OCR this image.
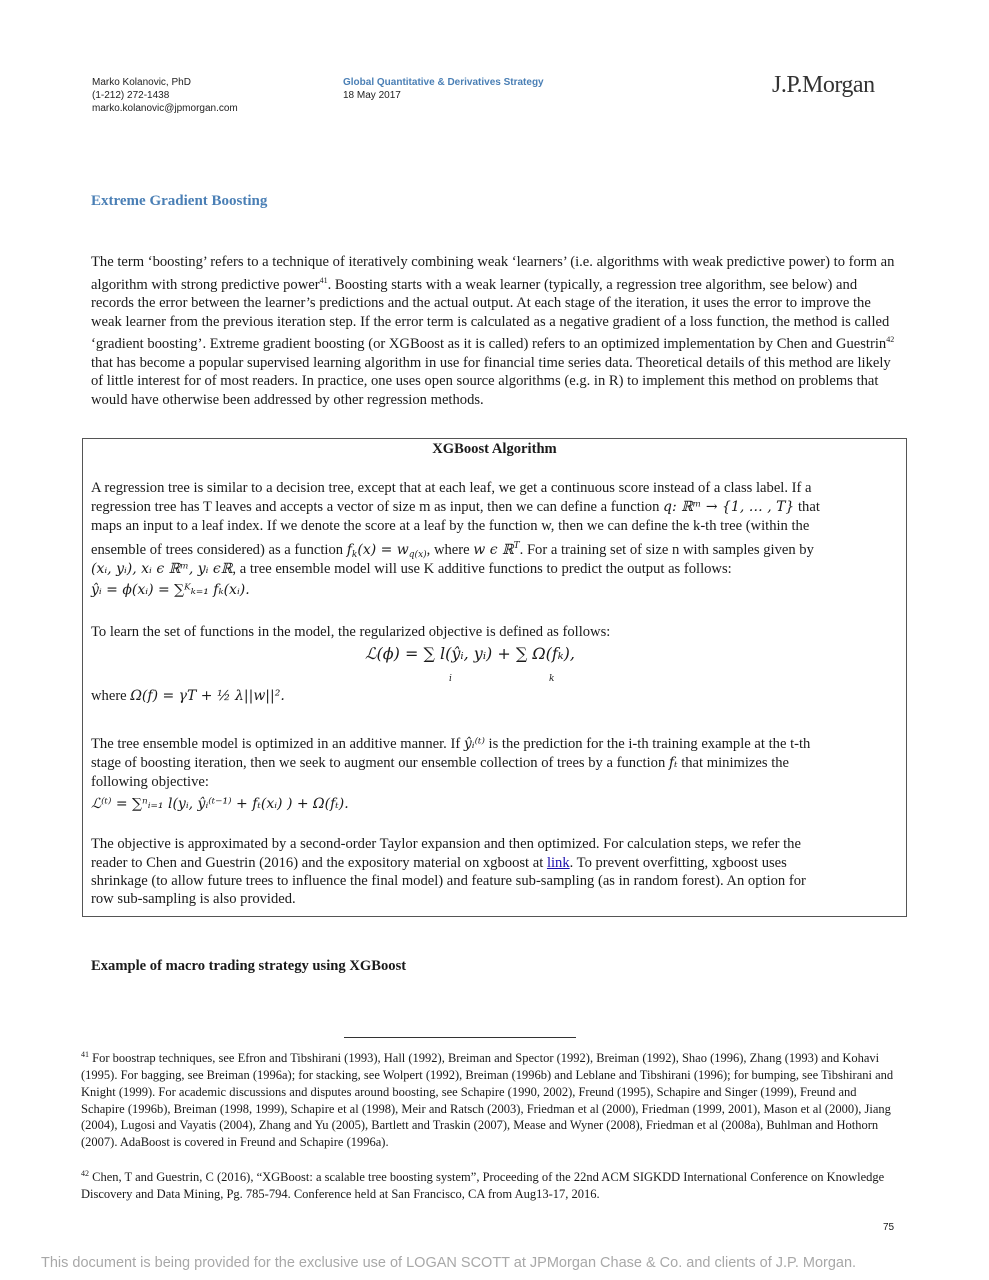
Marko Kolanovic, PhD
(1-212) 272-1438
marko.kolanovic@jpmorgan.com
Global Quantitative & Derivatives Strategy
18 May 2017	J.P.Morgan
Extreme Gradient Boosting
The term ‘boosting’ refers to a technique of iteratively combining weak ‘learners’ (i.e. algorithms with weak predictive power) to form an algorithm with strong predictive power$^{41}$. Boosting starts with a weak learner (typically, a regression tree algorithm, see below) and records the error between the learner’s predictions and the actual output. At each stage of the iteration, it uses the error to improve the weak learner from the previous iteration step. If the error term is calculated as a negative gradient of a loss function, the method is called ‘gradient boosting’. Extreme gradient boosting (or XGBoost as it is called) refers to an optimized implementation by Chen and Guestrin$^{42}$ that has become a popular supervised learning algorithm in use for financial time series data. Theoretical details of this method are likely of little interest for of most readers. In practice, one uses open source algorithms (e.g. in R) to implement this method on problems that would have otherwise been addressed by other regression methods.
XGBoost Algorithm
A regression tree is similar to a decision tree, except that at each leaf, we get a continuous score instead of a class label. If a
regression tree has T leaves and accepts a vector of size m as input, then we can define a function q: ℝᵐ → {1, … , T} that
maps an input to a leaf index. If we denote the score at a leaf by the function w, then we can define the k-th tree (within the
ensemble of trees considered) as a function $f_k(x) = w_{q(x)}$, where w ϵ ℝ$^T$. For a training set of size n with samples given by
(xᵢ, yᵢ), xᵢ ϵ ℝᵐ, yᵢ ϵℝ, a tree ensemble model will use K additive functions to predict the output as follows:
ŷᵢ = ϕ(xᵢ) = ∑ᴷₖ₌₁ fₖ(xᵢ).
To learn the set of functions in the model, the regularized objective is defined as follows:
ℒ(ϕ) = ∑ l(ŷᵢ, yᵢ) + ∑ Ω(fₖ),
i	k
where Ω(f) = γT + ½ λ||w||².
The tree ensemble model is optimized in an additive manner. If ŷᵢ⁽ᵗ⁾ is the prediction for the i-th training example at the t-th
stage of boosting iteration, then we seek to augment our ensemble collection of trees by a function fₜ that minimizes the
following objective:
ℒ⁽ᵗ⁾ = ∑ⁿᵢ₌₁ l(yᵢ, ŷᵢ⁽ᵗ⁻¹⁾ + fₜ(xᵢ) ) + Ω(fₜ).
The objective is approximated by a second-order Taylor expansion and then optimized. For calculation steps, we refer the
reader to Chen and Guestrin (2016) and the expository material on xgboost at link. To prevent overfitting, xgboost uses
shrinkage (to allow future trees to influence the final model) and feature sub-sampling (as in random forest). An option for
row sub-sampling is also provided.
Example of macro trading strategy using XGBoost
$^{41}$ For boostrap techniques, see Efron and Tibshirani (1993), Hall (1992), Breiman and Spector (1992), Breiman (1992), Shao (1996), Zhang (1993) and Kohavi (1995). For bagging, see Breiman (1996a); for stacking, see Wolpert (1992), Breiman (1996b) and Leblane and Tibshirani (1996); for bumping, see Tibshirani and Knight (1999). For academic discussions and disputes around boosting, see Schapire (1990, 2002), Freund (1995), Schapire and Singer (1999), Freund and Schapire (1996b), Breiman (1998, 1999), Schapire et al (1998), Meir and Ratsch (2003), Friedman et al (2000), Friedman (1999, 2001), Mason et al (2000), Jiang (2004), Lugosi and Vayatis (2004), Zhang and Yu (2005), Bartlett and Traskin (2007), Mease and Wyner (2008), Friedman et al (2008a), Buhlman and Hothorn (2007). AdaBoost is covered in Freund and Schapire (1996a).
$^{42}$ Chen, T and Guestrin, C (2016), “XGBoost: a scalable tree boosting system”, Proceeding of the 22nd ACM SIGKDD International Conference on Knowledge Discovery and Data Mining, Pg. 785-794. Conference held at San Francisco, CA from Aug13-17, 2016.
75
This document is being provided for the exclusive use of LOGAN SCOTT at JPMorgan Chase & Co. and clients of J.P. Morgan.
